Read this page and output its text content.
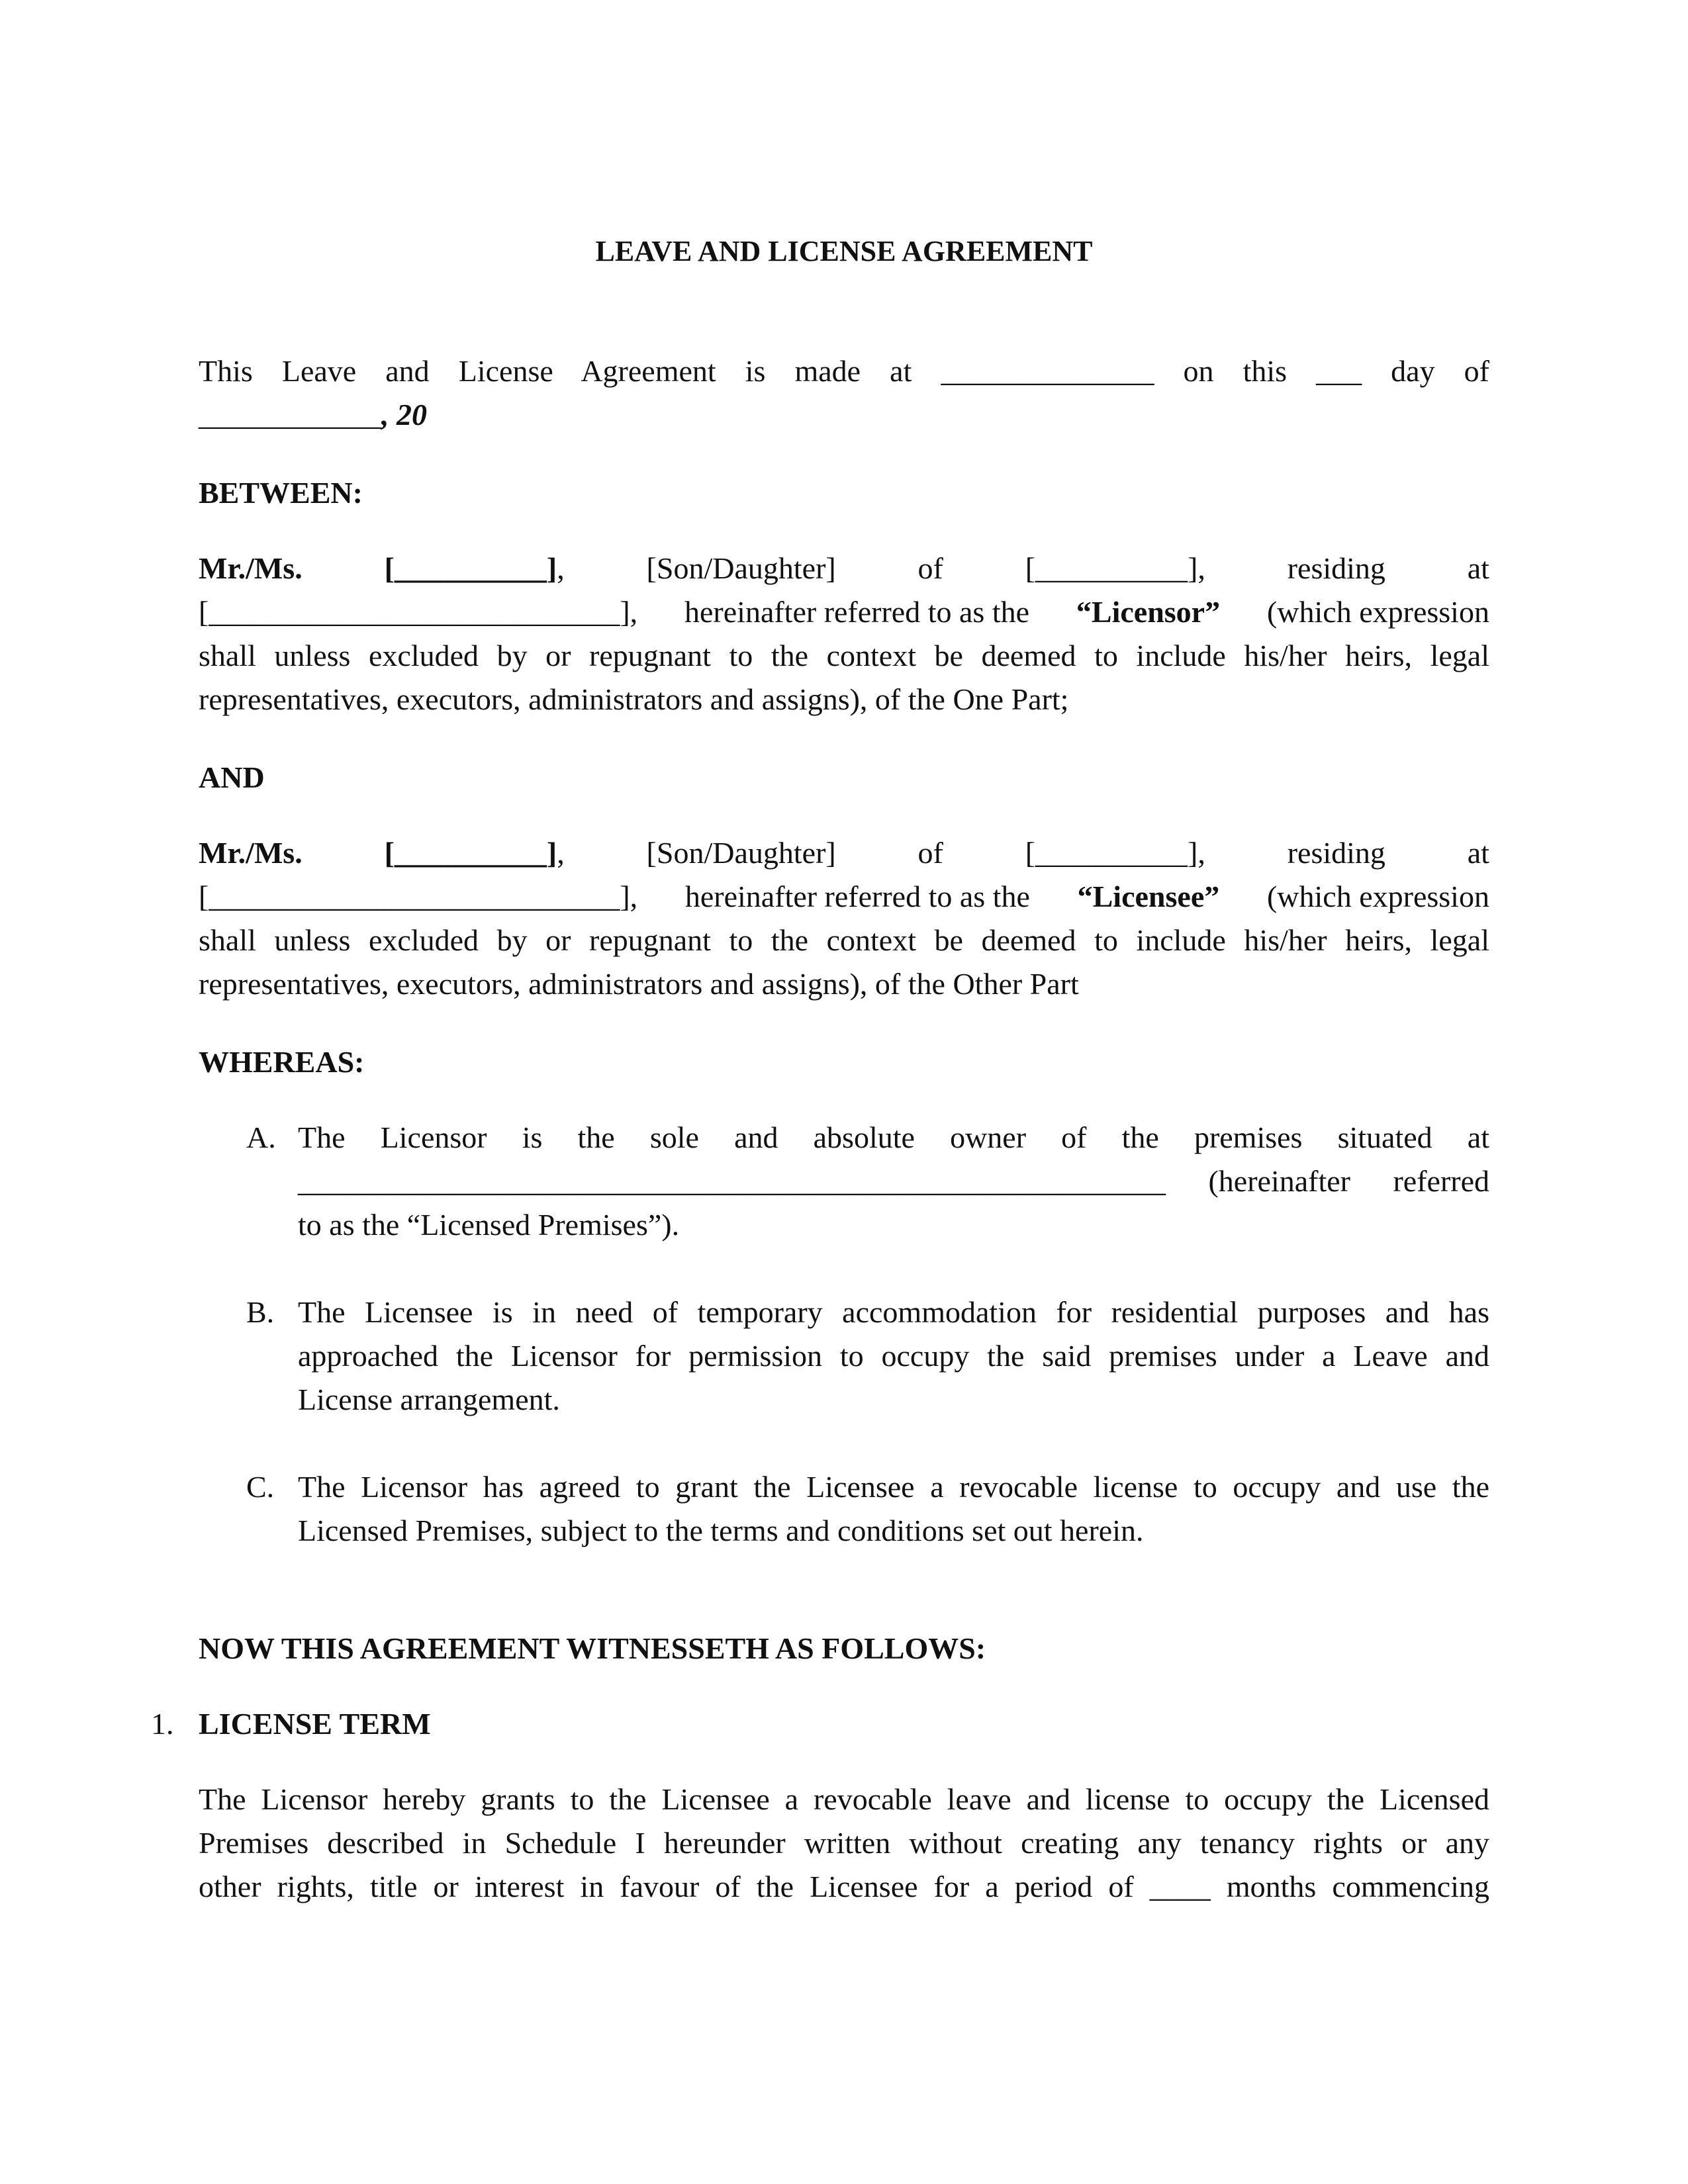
LEAVE AND LICENSE AGREEMENT
This Leave and License Agreement is made at ______________ on this ___ day of
____________, 20
BETWEEN:
Mr./Ms.	[__________],	[Son/Daughter]	of	[__________],	residing	at
[___________________________], hereinafter referred to as the “Licensor” (which expression
shall unless excluded by or repugnant to the context be deemed to include his/her heirs, legal
representatives, executors, administrators and assigns), of the One Part;
AND
Mr./Ms.	[__________],	[Son/Daughter]	of	[__________],	residing	at
[___________________________], hereinafter referred to as the “Licensee” (which expression
shall unless excluded by or repugnant to the context be deemed to include his/her heirs, legal
representatives, executors, administrators and assigns), of the Other Part
WHEREAS:
A. The Licensor is the sole and absolute owner of the premises situated at
_________________________________________________________ (hereinafter referred
to as the “Licensed Premises”).
B. The Licensee is in need of temporary accommodation for residential purposes and has
approached the Licensor for permission to occupy the said premises under a Leave and
License arrangement.
C. The Licensor has agreed to grant the Licensee a revocable license to occupy and use the
Licensed Premises, subject to the terms and conditions set out herein.
NOW THIS AGREEMENT WITNESSETH AS FOLLOWS:
1. LICENSE TERM
The Licensor hereby grants to the Licensee a revocable leave and license to occupy the Licensed
Premises described in Schedule I hereunder written without creating any tenancy rights or any
other rights, title or interest in favour of the Licensee for a period of ____ months commencing
